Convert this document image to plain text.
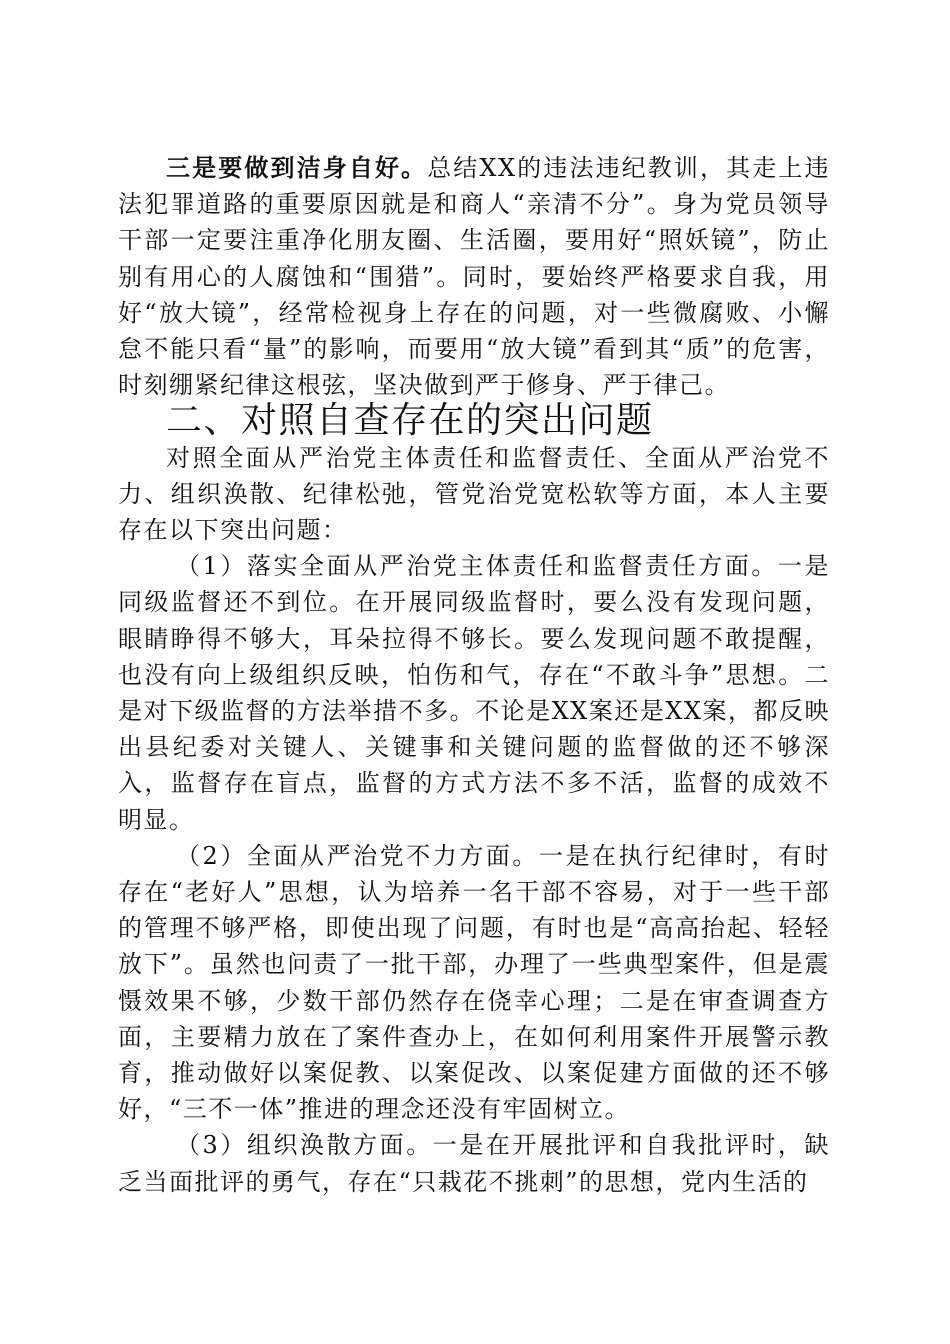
三是要做到洁身自好。总结XX的违法违纪教训，其走上违法犯罪道路的重要原因就是和商人“亲清不分”。身为党员领导干部一定要注重净化朋友圈、生活圈，要用好“照妖镜”，防止别有用心的人腐蚀和“围猎”。同时，要始终严格要求自我，用好“放大镜”，经常检视身上存在的问题，对一些微腐败、小懈怠不能只看“量”的影响，而要用“放大镜”看到其“质”的危害，时刻绷紧纪律这根弦，坚决做到严于修身、严于律己。

二、对照自查存在的突出问题

对照全面从严治党主体责任和监督责任、全面从严治党不力、组织涣散、纪律松弛，管党治党宽松软等方面，本人主要存在以下突出问题：

（1）落实全面从严治党主体责任和监督责任方面。一是同级监督还不到位。在开展同级监督时，要么没有发现问题，眼睛睁得不够大，耳朵拉得不够长。要么发现问题不敢提醒，也没有向上级组织反映，怕伤和气，存在“不敢斗争”思想。二是对下级监督的方法举措不多。不论是XX案还是XX案，都反映出县纪委对关键人、关键事和关键问题的监督做的还不够深入，监督存在盲点，监督的方式方法不多不活，监督的成效不明显。

（2）全面从严治党不力方面。一是在执行纪律时，有时存在“老好人”思想，认为培养一名干部不容易，对于一些干部的管理不够严格，即使出现了问题，有时也是“高高抬起、轻轻放下”。虽然也问责了一批干部，办理了一些典型案件，但是震慑效果不够，少数干部仍然存在侥幸心理；二是在审查调查方面，主要精力放在了案件查办上，在如何利用案件开展警示教育，推动做好以案促教、以案促改、以案促建方面做的还不够好，“三不一体”推进的理念还没有牢固树立。

（3）组织涣散方面。一是在开展批评和自我批评时，缺乏当面批评的勇气，存在“只栽花不挑刺”的思想，党内生活的
